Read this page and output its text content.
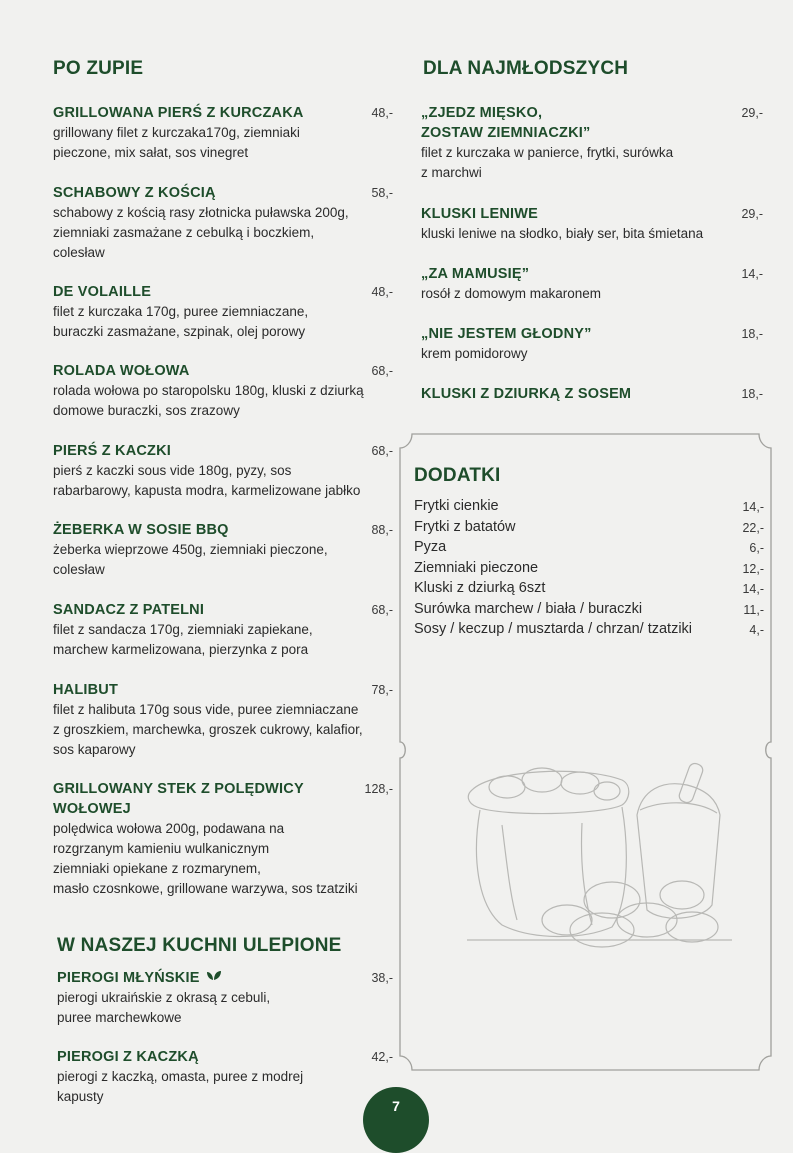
PO ZUPIE
GRILLOWANA PIERŚ Z KURCZAKA	48,-
grillowany filet z kurczaka170g, ziemniaki
pieczone, mix sałat, sos vinegret
SCHABOWY Z KOŚCIĄ	58,-
schabowy z kością rasy złotnicka puławska 200g,
ziemniaki zasmażane z cebulką i boczkiem,
colesław
DE VOLAILLE	48,-
filet z kurczaka 170g, puree ziemniaczane,
buraczki zasmażane, szpinak, olej porowy
ROLADA WOŁOWA	68,-
rolada wołowa po staropolsku 180g, kluski z dziurką
domowe buraczki, sos zrazowy
PIERŚ Z KACZKI	68,-
pierś z kaczki sous vide 180g, pyzy, sos
rabarbarowy, kapusta modra, karmelizowane jabłko
ŻEBERKA W SOSIE BBQ	88,-
żeberka wieprzowe 450g, ziemniaki pieczone,
colesław
SANDACZ Z PATELNI	68,-
filet z sandacza 170g, ziemniaki zapiekane,
marchew karmelizowana, pierzynka z pora
HALIBUT	78,-
filet z halibuta 170g sous vide, puree ziemniaczane
z groszkiem, marchewka, groszek cukrowy, kalafior,
sos kaparowy
GRILLOWANY STEK Z POLĘDWICY
WOŁOWEJ
128,-
polędwica wołowa 200g, podawana na
rozgrzanym kamieniu wulkanicznym
ziemniaki opiekane z rozmarynem,
masło czosnkowe, grillowane warzywa, sos tzatziki
W NASZEJ KUCHNI ULEPIONE
PIEROGI MŁYŃSKIE	38,-
pierogi ukraińskie z okrasą z cebuli,
puree marchewkowe
PIEROGI Z KACZKĄ	42,-
pierogi z kaczką, omasta, puree z modrej
kapusty
DLA NAJMŁODSZYCH
„ZJEDZ MIĘSKO,
ZOSTAW ZIEMNIACZKI”
29,-
filet z kurczaka w panierce, frytki, surówka
z marchwi
KLUSKI LENIWE	29,-
kluski leniwe na słodko, biały ser, bita śmietana
„ZA MAMUSIĘ”	14,-
rosół z domowym makaronem
„NIE JESTEM GŁODNY”	18,-
krem pomidorowy
KLUSKI Z DZIURKĄ Z SOSEM	18,-
DODATKI
Frytki cienkie	14,-
Frytki z batatów	22,-
Pyza	6,-
Ziemniaki pieczone	12,-
Kluski z dziurką 6szt	14,-
Surówka marchew / biała / buraczki	11,-
Sosy / keczup / musztarda / chrzan/ tzatziki	4,-
7
